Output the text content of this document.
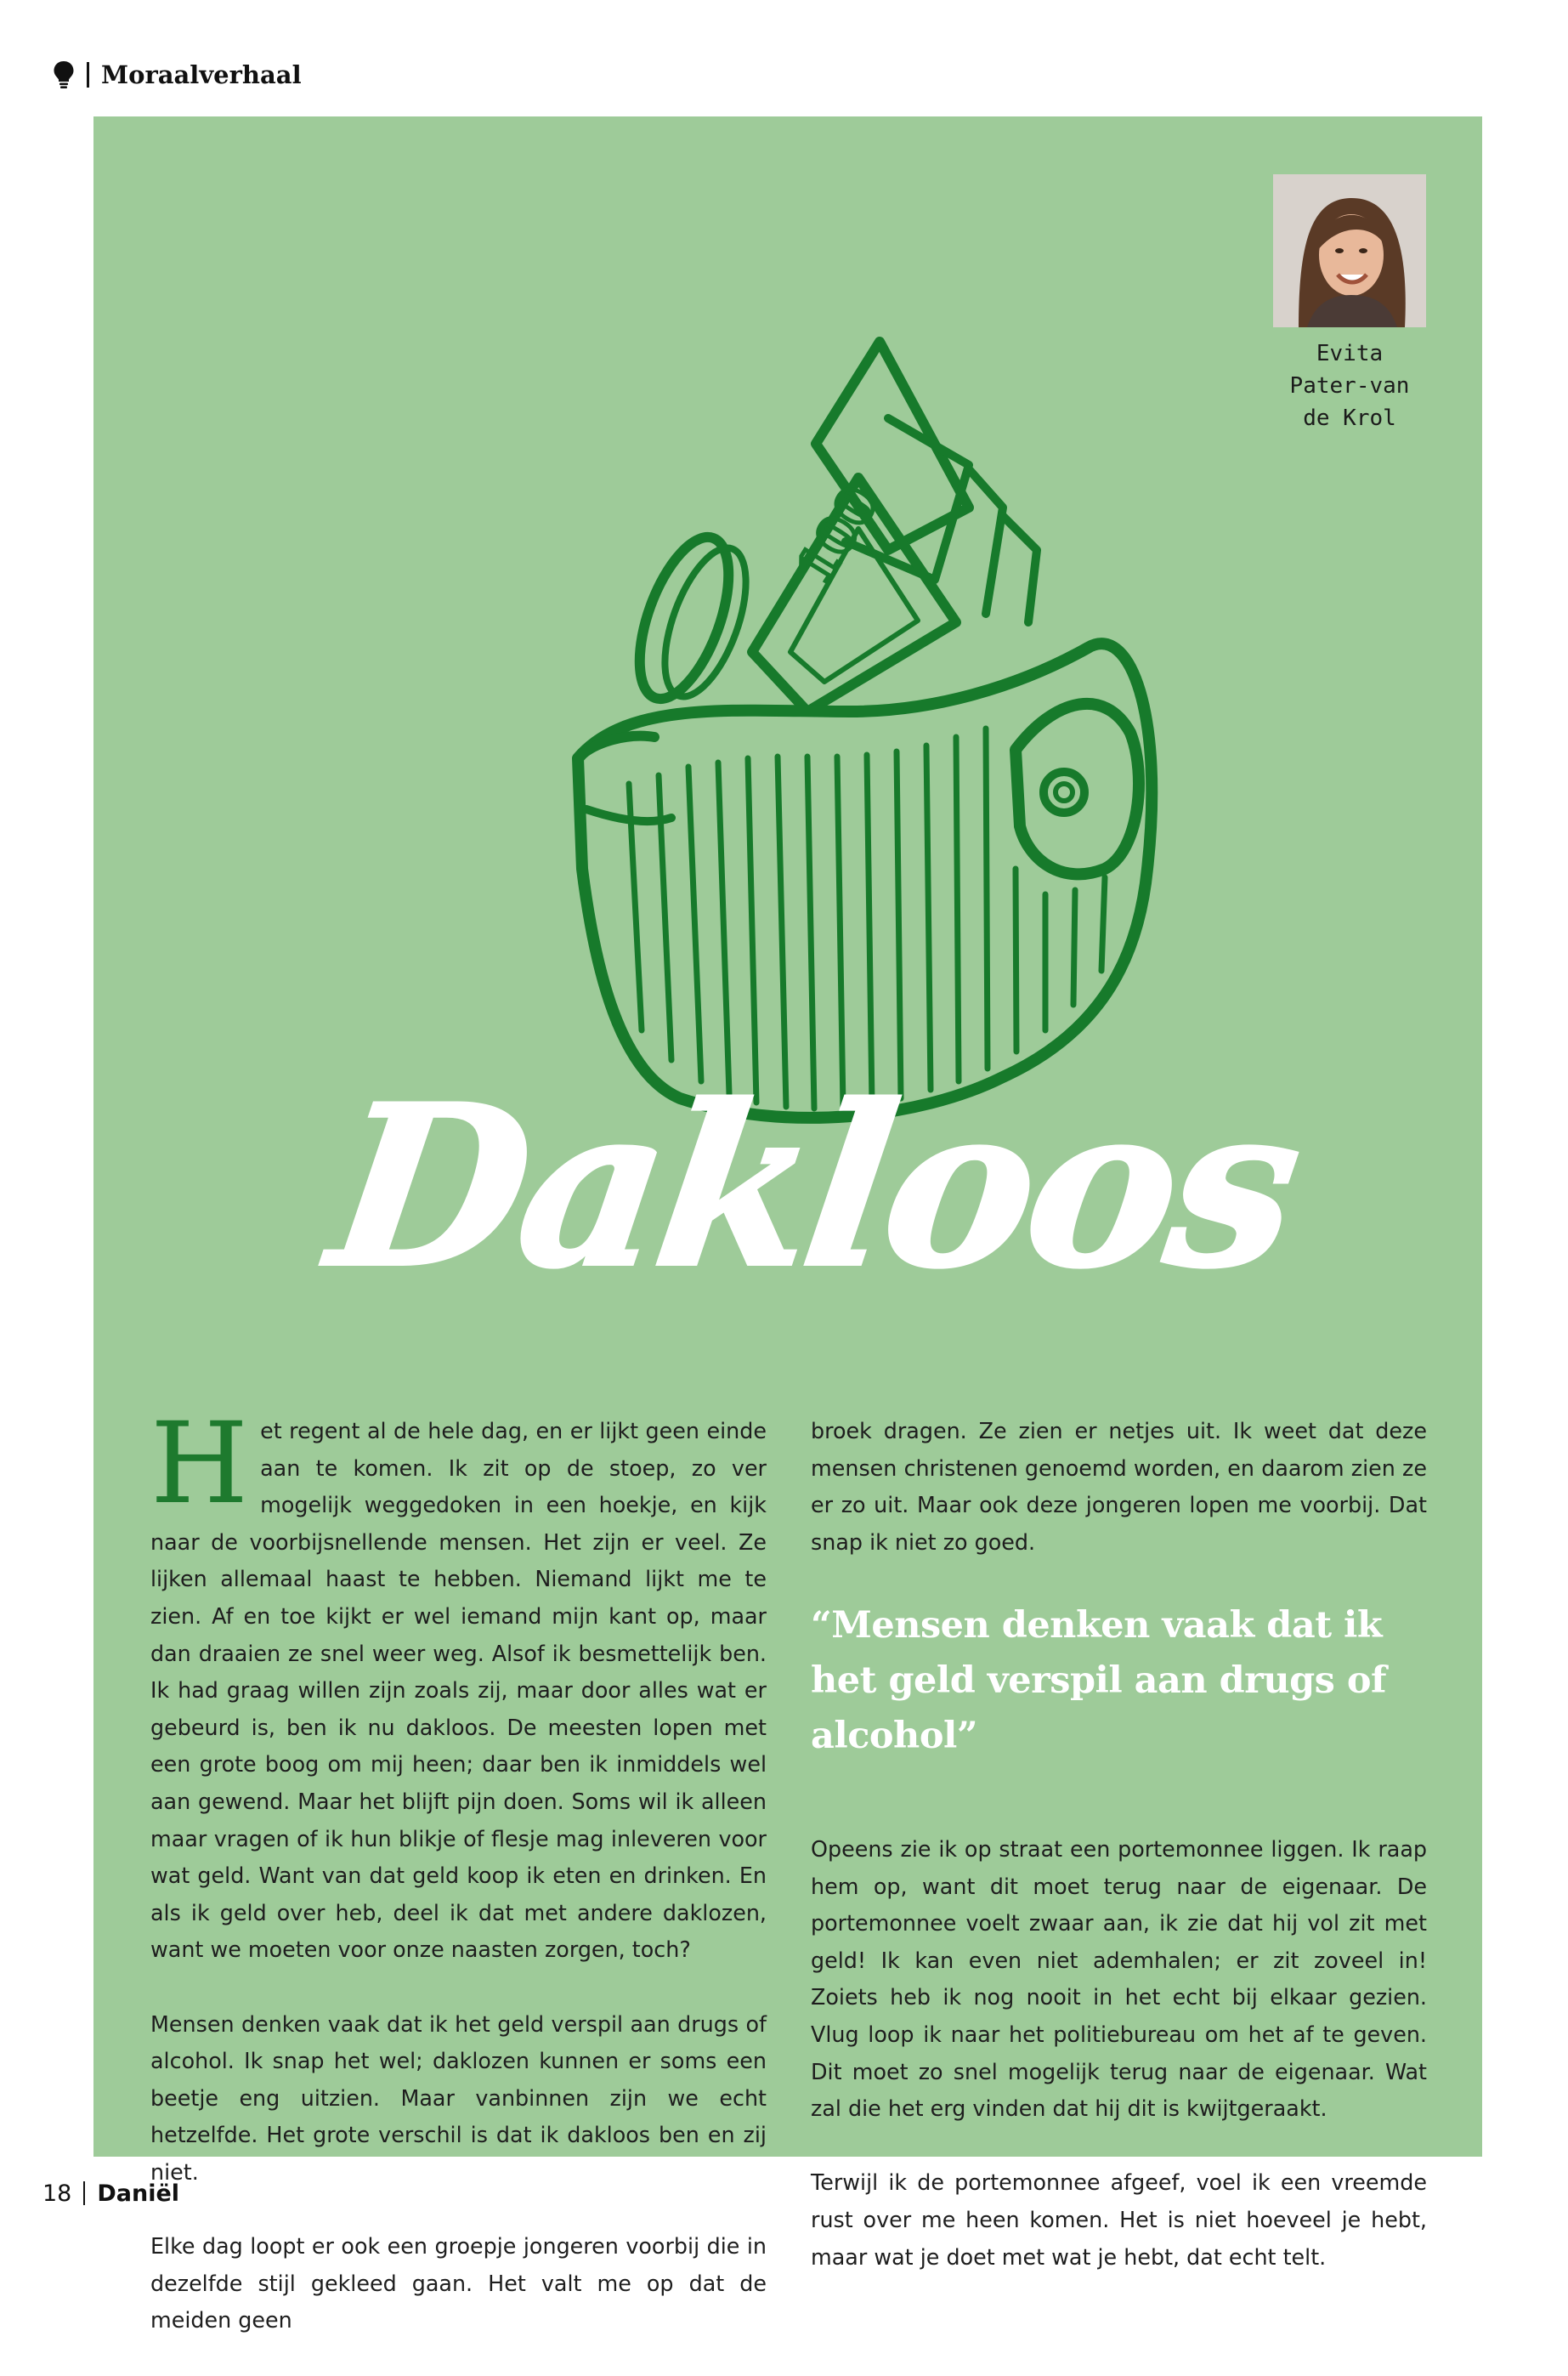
Moraalverhaal
100
Evita
Pater-van
de Krol
Dakloos

Het regent al de hele dag, en er lijkt geen einde aan te komen. Ik zit op de stoep, zo ver mogelijk weggedoken in een hoekje, en kijk naar de voorbijsnellende mensen. Het zijn er veel. Ze lijken allemaal haast te hebben. Niemand lijkt me te zien. Af en toe kijkt er wel iemand mijn kant op, maar dan draaien ze snel weer weg. Alsof ik besmettelijk ben. Ik had graag willen zijn zoals zij, maar door alles wat er gebeurd is, ben ik nu dakloos. De meesten lopen met een grote boog om mij heen; daar ben ik inmiddels wel aan gewend. Maar het blijft pijn doen. Soms wil ik alleen maar vragen of ik hun blikje of flesje mag inleveren voor wat geld. Want van dat geld koop ik eten en drinken. En als ik geld over heb, deel ik dat met andere daklozen, want we moeten voor onze naasten zorgen, toch?

Mensen denken vaak dat ik het geld verspil aan drugs of alcohol. Ik snap het wel; daklozen kunnen er soms een beetje eng uitzien. Maar vanbinnen zijn we echt hetzelfde. Het grote verschil is dat ik dakloos ben en zij niet.

Elke dag loopt er ook een groepje jongeren voorbij die in dezelfde stijl gekleed gaan. Het valt me op dat de meiden geen

broek dragen. Ze zien er netjes uit. Ik weet dat deze mensen christenen genoemd worden, en daarom zien ze er zo uit. Maar ook deze jongeren lopen me voorbij. Dat snap ik niet zo goed.

“Mensen denken vaak dat ik het geld verspil aan drugs of alcohol”

Opeens zie ik op straat een portemonnee liggen. Ik raap hem op, want dit moet terug naar de eigenaar. De portemonnee voelt zwaar aan, ik zie dat hij vol zit met geld! Ik kan even niet ademhalen; er zit zoveel in! Zoiets heb ik nog nooit in het echt bij elkaar gezien. Vlug loop ik naar het politiebureau om het af te geven. Dit moet zo snel mogelijk terug naar de eigenaar. Wat zal die het erg vinden dat hij dit is kwijtgeraakt.

Terwijl ik de portemonnee afgeef, voel ik een vreemde rust over me heen komen. Het is niet hoeveel je hebt, maar wat je doet met wat je hebt, dat echt telt.

18 Daniël
